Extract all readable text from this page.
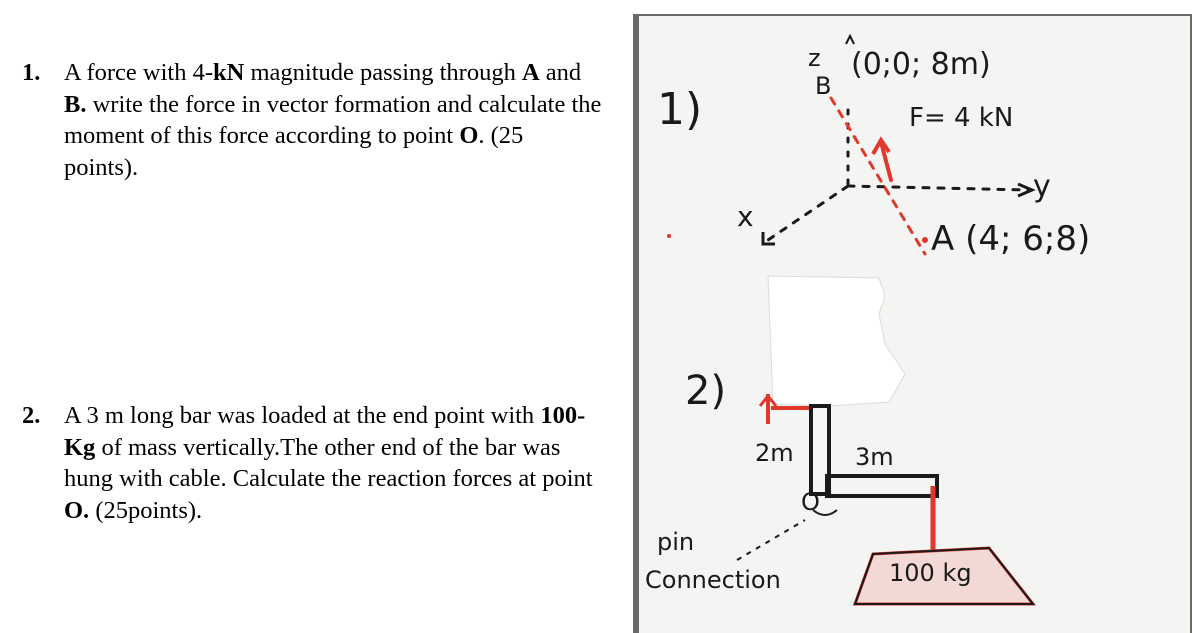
1. A force with 4-kN magnitude passing through A and B. write the force in vector formation and calculate the moment of this force according to point O. (25 points).
2. A 3 m long bar was loaded at the end point with 100-Kg of mass vertically.The other end of the bar was hung with cable. Calculate the reaction forces at point O. (25points).
1)
z
B
(0;0; 8m)
F= 4 kN
y
x
A (4; 6;8)
2)
2m	3m
O
pin
Connection	100 kg
